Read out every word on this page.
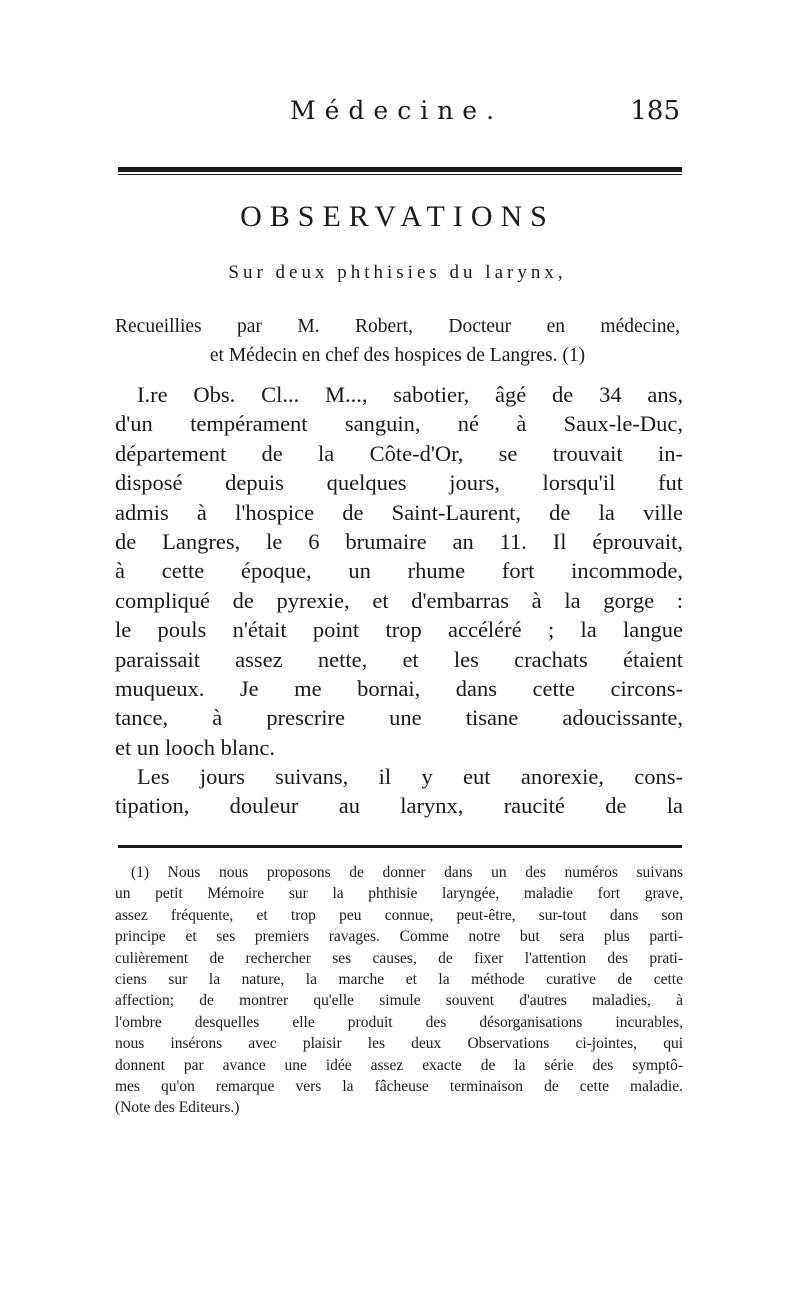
Médecine.	185
OBSERVATIONS
Sur deux phthisies du larynx,
Recueillies par M. Robert, Docteur en médecine,
et Médecin en chef des hospices de Langres. (1)
I.re Obs. Cl... M..., sabotier, âgé de 34 ans,
d'un tempérament sanguin, né à Saux-le-Duc,
département de la Côte-d'Or, se trouvait in-
disposé depuis quelques jours, lorsqu'il fut
admis à l'hospice de Saint-Laurent, de la ville
de Langres, le 6 brumaire an 11. Il éprouvait,
à cette époque, un rhume fort incommode,
compliqué de pyrexie, et d'embarras à la gorge :
le pouls n'était point trop accéléré ; la langue
paraissait assez nette, et les crachats étaient
muqueux. Je me bornai, dans cette circons-
tance, à prescrire une tisane adoucissante,
et un looch blanc.
Les jours suivans, il y eut anorexie, cons-
tipation, douleur au larynx, raucité de la
(1) Nous nous proposons de donner dans un des numéros suivans
un petit Mémoire sur la phthisie laryngée, maladie fort grave,
assez fréquente, et trop peu connue, peut-être, sur-tout dans son
principe et ses premiers ravages. Comme notre but sera plus parti-
culièrement de rechercher ses causes, de fixer l'attention des prati-
ciens sur la nature, la marche et la méthode curative de cette
affection; de montrer qu'elle simule souvent d'autres maladies, à
l'ombre desquelles elle produit des désorganisations incurables,
nous insérons avec plaisir les deux Observations ci-jointes, qui
donnent par avance une idée assez exacte de la série des symptô-
mes qu'on remarque vers la fâcheuse terminaison de cette maladie.
(Note des Editeurs.)
